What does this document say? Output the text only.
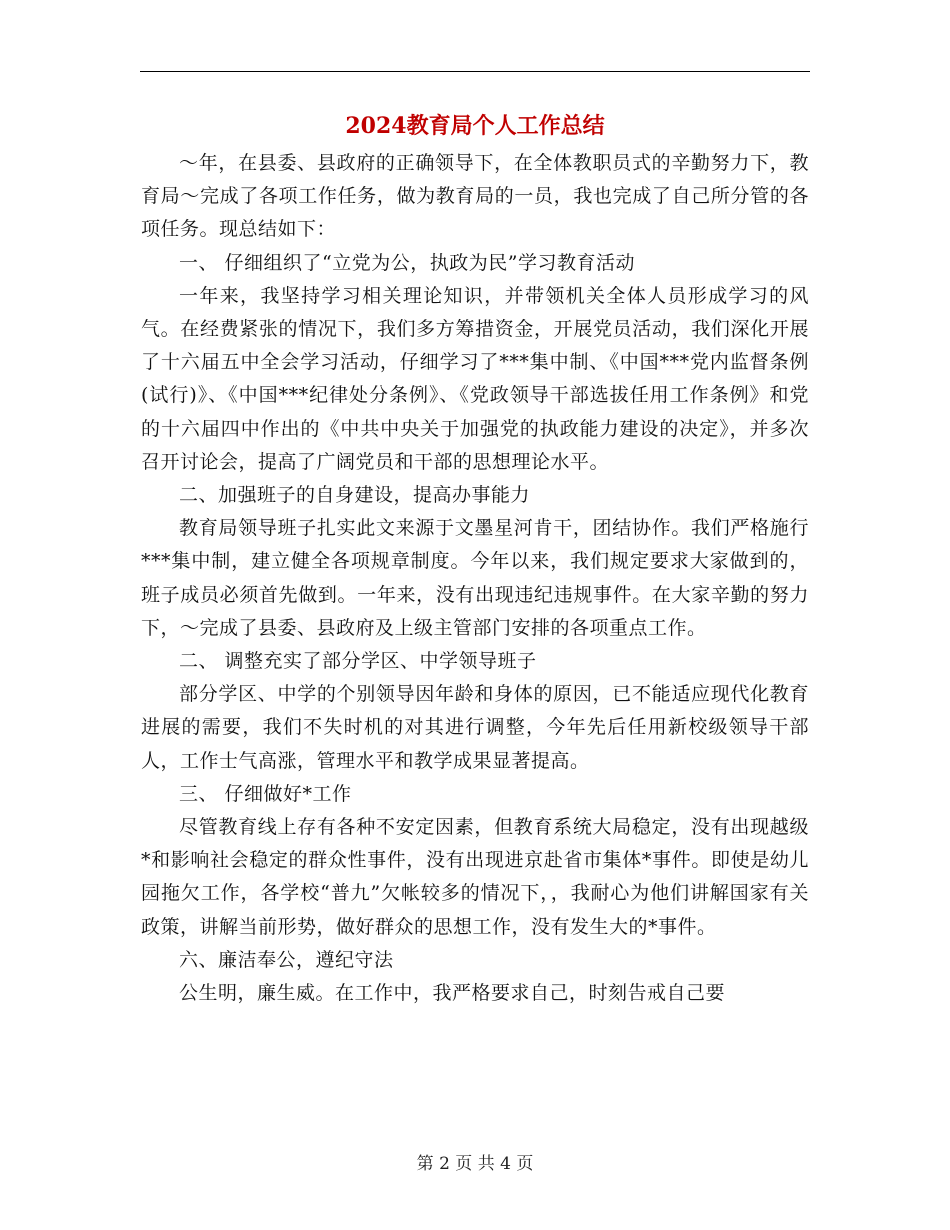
2024教育局个人工作总结

～年，在县委、县政府的正确领导下，在全体教职员式的辛勤努力下，教育局～完成了各项工作任务，做为教育局的一员，我也完成了自己所分管的各项任务。现总结如下：

一、 仔细组织了“立党为公，执政为民”学习教育活动

一年来，我坚持学习相关理论知识，并带领机关全体人员形成学习的风气。在经费紧张的情况下，我们多方筹措资金，开展党员活动，我们深化开展了十六届五中全会学习活动，仔细学习了***集中制、《中国***党内监督条例(试行)》、《中国***纪律处分条例》、《党政领导干部选拔任用工作条例》和党的十六届四中作出的《中共中央关于加强党的执政能力建设的决定》，并多次召开讨论会，提高了广阔党员和干部的思想理论水平。

二、加强班子的自身建设，提高办事能力

教育局领导班子扎实此文来源于文墨星河肯干，团结协作。我们严格施行***集中制，建立健全各项规章制度。今年以来，我们规定要求大家做到的，班子成员必须首先做到。一年来，没有出现违纪违规事件。在大家辛勤的努力下，～完成了县委、县政府及上级主管部门安排的各项重点工作。

二、 调整充实了部分学区、中学领导班子

部分学区、中学的个别领导因年龄和身体的原因，已不能适应现代化教育进展的需要，我们不失时机的对其进行调整，今年先后任用新校级领导干部人，工作士气高涨，管理水平和教学成果显著提高。

三、 仔细做好*工作

尽管教育线上存有各种不安定因素，但教育系统大局稳定，没有出现越级*和影响社会稳定的群众性事件，没有出现进京赴省市集体*事件。即使是幼儿园拖欠工作，各学校“普九”欠帐较多的情况下，，我耐心为他们讲解国家有关政策，讲解当前形势，做好群众的思想工作，没有发生大的*事件。

六、廉洁奉公，遵纪守法

公生明，廉生威。在工作中，我严格要求自己，时刻告戒自己要

第 2 页 共 4 页
